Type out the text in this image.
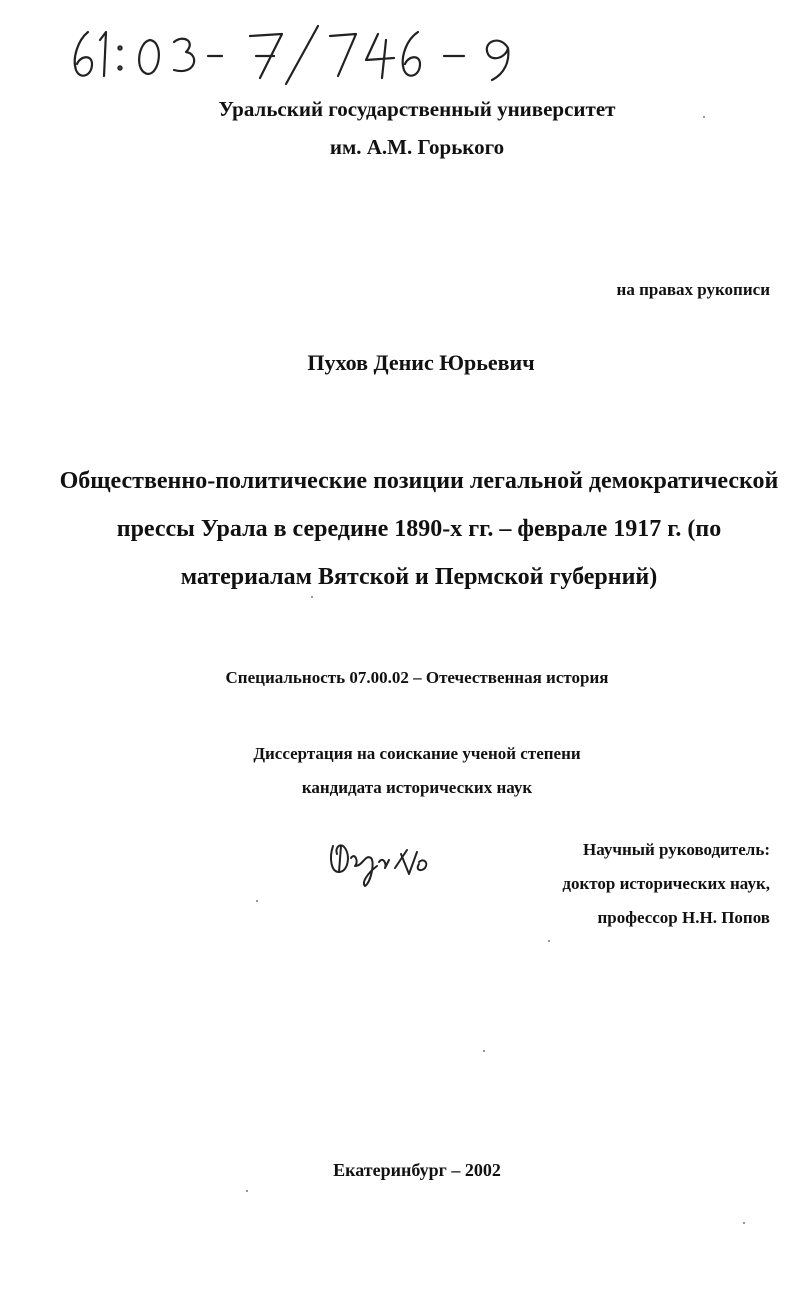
Уральский государственный университет
им. А.М. Горького
на правах рукописи
Пухов Денис Юрьевич
Общественно-политические позиции легальной демократической
прессы Урала в середине 1890-х гг. – феврале 1917 г. (по
материалам Вятской и Пермской губерний)
Специальность 07.00.02 – Отечественная история
Диссертация на соискание ученой степени
кандидата исторических наук
Научный руководитель:
доктор исторических наук,
профессор Н.Н. Попов
Екатеринбург – 2002
